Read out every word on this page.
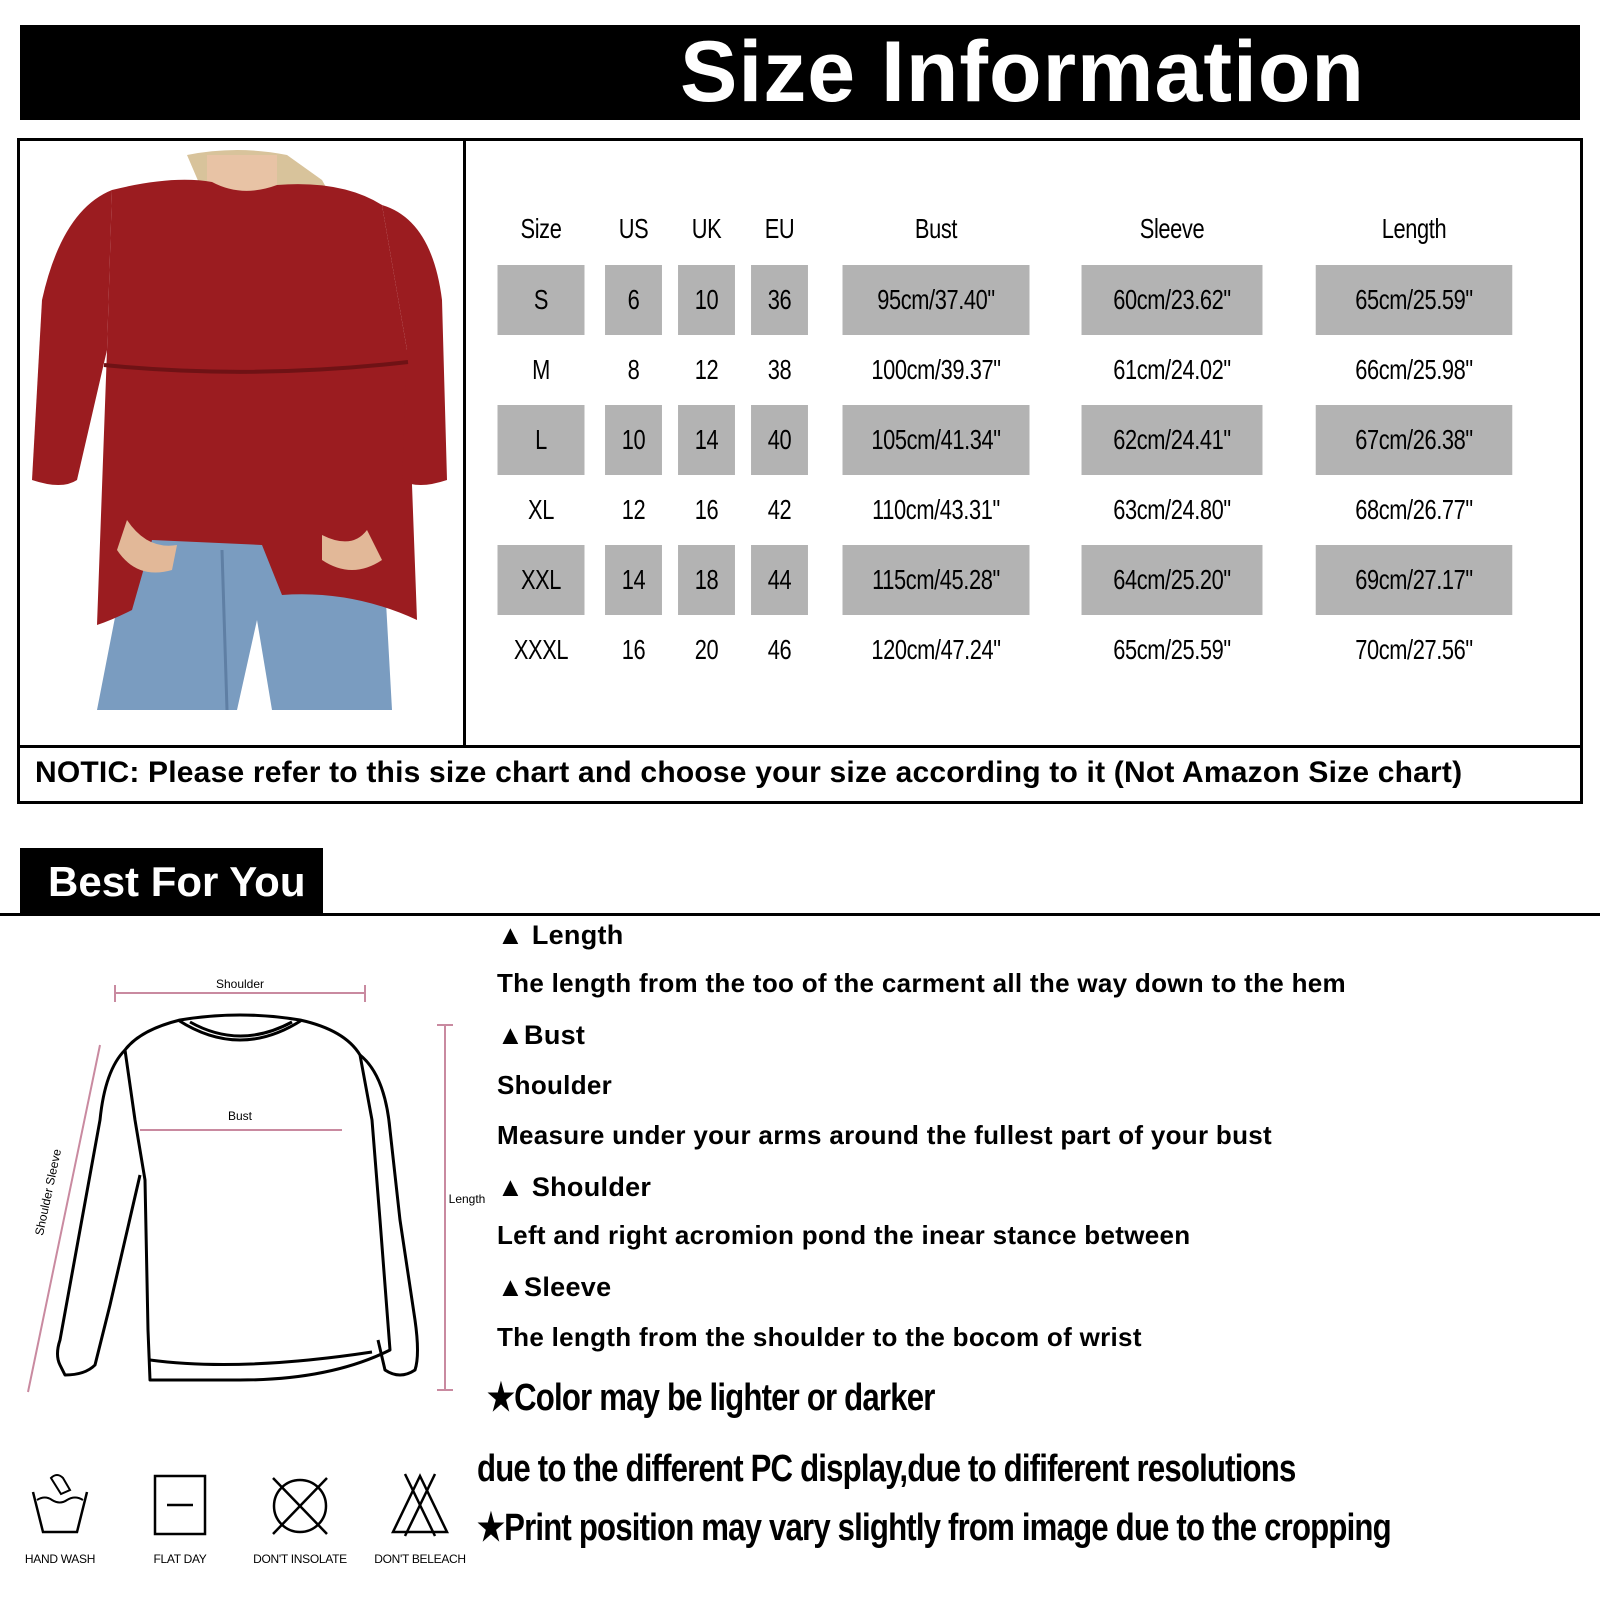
Size Information
Size	US	UK	EU	Bust	Sleeve	Length
S	6	10	36	95cm/37.40"	60cm/23.62"	65cm/25.59"
M	8	12	38	100cm/39.37"	61cm/24.02"	66cm/25.98"
L	10	14	40	105cm/41.34"	62cm/24.41"	67cm/26.38"
XL	12	16	42	110cm/43.31"	63cm/24.80"	68cm/26.77"
XXL	14	18	44	115cm/45.28"	64cm/25.20"	69cm/27.17"
XXXL	16	20	46	120cm/47.24"	65cm/25.59"	70cm/27.56"
NOTIC: Please refer to this size chart and choose your size according to it (Not Amazon Size chart)
Best For You
Shoulder
Bust
Length
Shoulder Sleeve
▲ Length
The length from the too of the carment all the way down to the hem
▲Bust
Shoulder
Measure under your arms around the fullest part of your bust
▲ Shoulder
Left and right acromion pond the inear stance between
▲Sleeve
The length from the shoulder to the bocom of wrist
★Color may be lighter or darker
due to the different PC display,due to dififerent resolutions
★Print position may vary slightly from image due to the cropping
HAND WASH	FLAT DAY	DON'T INSOLATE	DON'T BELEACH
